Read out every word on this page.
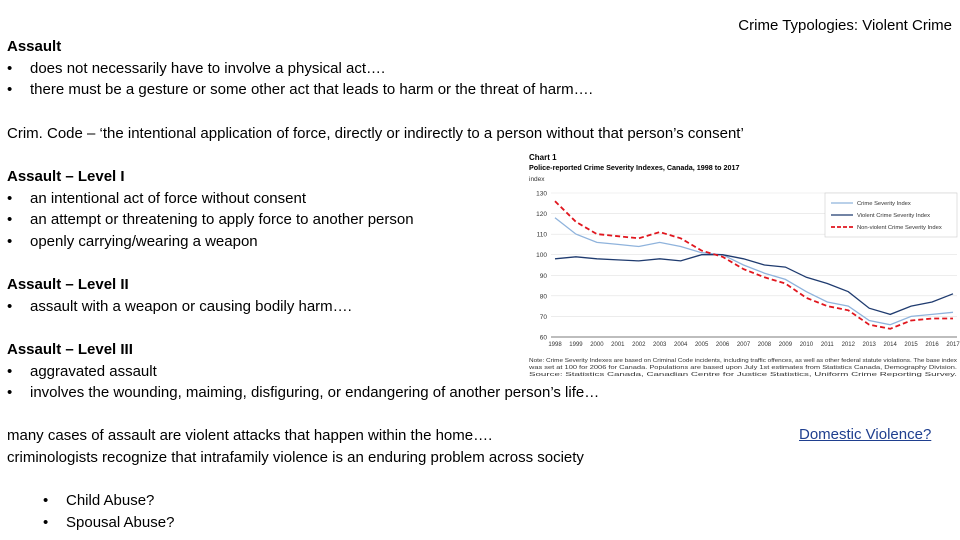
Crime Typologies: Violent Crime
Assault
• does not necessarily have to involve a physical act….
• there must be a gesture or some other act that leads to harm or the threat of harm….
Crim. Code – ‘the intentional application of force, directly or indirectly to a person without that person’s consent’
Assault – Level I
• an intentional act of force without consent
• an attempt or threatening to apply force to another person
• openly carrying/wearing a weapon
Assault – Level II
• assault with a weapon or causing bodily harm….
Assault – Level III
• aggravated assault
• involves the wounding, maiming, disfiguring, or endangering of another person’s life…
many cases of assault are violent attacks that happen within the home….
criminologists recognize that intrafamily violence is an enduring problem across society
• Child Abuse?
• Spousal Abuse?
Domestic Violence?
Chart 1
Police-reported Crime Severity Indexes, Canada, 1998 to 2017
index
60
70
80
90
100
110
120
130
1998 1999 2000 2001 2002 2003 2004 2005 2006 2007 2008 2009 2010 2011 2012 2013 2014 2015 2016 2017
Crime Severity Index
Violent Crime Severity Index
Non-violent Crime Severity Index
Note: Crime Severity Indexes are based on Criminal Code incidents, including traffic offences, as well as other federal statute violations. The base index
was set at 100 for 2006 for Canada. Populations are based upon July 1st estimates from Statistics Canada, Demography Division.
Source: Statistics Canada, Canadian Centre for Justice Statistics, Uniform Crime Reporting Survey.
